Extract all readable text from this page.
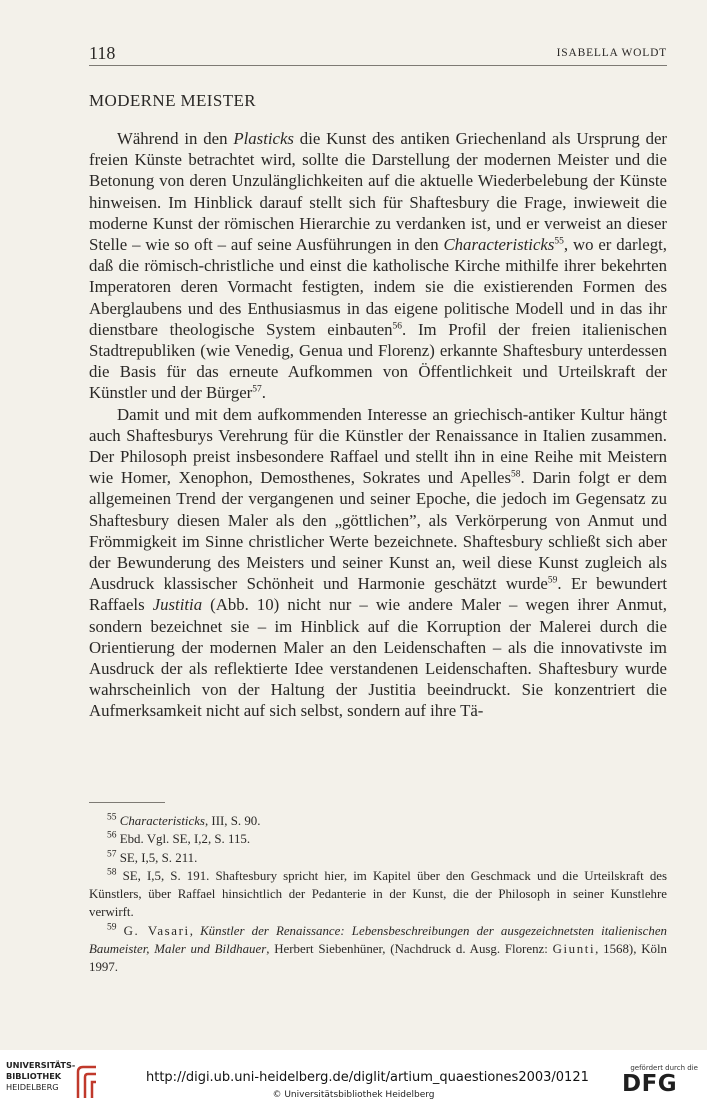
118	ISABELLA WOLDT
MODERNE MEISTER

Während in den Plasticks die Kunst des antiken Griechenland als Ursprung der freien Künste betrachtet wird, sollte die Darstellung der modernen Meister und die Betonung von deren Unzulänglichkeiten auf die aktuelle Wiederbelebung der Künste hinweisen. Im Hinblick darauf stellt sich für Shaftesbury die Frage, inwieweit die moderne Kunst der römischen Hierarchie zu verdanken ist, und er verweist an dieser Stelle – wie so oft – auf seine Ausführungen in den Characteristicks$^{55}$, wo er darlegt, daß die römisch-christliche und einst die katholische Kirche mithilfe ihrer bekehrten Imperatoren deren Vormacht festigten, indem sie die existierenden Formen des Aberglaubens und des Enthusiasmus in das eigene politische Modell und in das ihr dienstbare theologische System einbauten$^{56}$. Im Profil der freien italienischen Stadtrepubliken (wie Venedig, Genua und Florenz) erkannte Shaftesbury unterdessen die Basis für das erneute Aufkommen von Öffentlichkeit und Urteilskraft der Künstler und der Bürger$^{57}$.

Damit und mit dem aufkommenden Interesse an griechisch-antiker Kultur hängt auch Shaftesburys Verehrung für die Künstler der Renaissance in Italien zusammen. Der Philosoph preist insbesondere Raffael und stellt ihn in eine Reihe mit Meistern wie Homer, Xenophon, Demosthenes, Sokrates und Apelles$^{58}$. Darin folgt er dem allgemeinen Trend der vergangenen und seiner Epoche, die jedoch im Gegensatz zu Shaftesbury diesen Maler als den „göttlichen”, als Verkörperung von Anmut und Frömmigkeit im Sinne christlicher Werte bezeichnete. Shaftesbury schließt sich aber der Bewunderung des Meisters und seiner Kunst an, weil diese Kunst zugleich als Ausdruck klassischer Schönheit und Harmonie geschätzt wurde$^{59}$. Er bewundert Raffaels Justitia (Abb. 10) nicht nur – wie andere Maler – wegen ihrer Anmut, sondern bezeichnet sie – im Hinblick auf die Korruption der Malerei durch die Orientierung der modernen Maler an den Leidenschaften – als die innovativste im Ausdruck der als reflektierte Idee verstandenen Leidenschaften. Shaftesbury wurde wahrscheinlich von der Haltung der Justitia beeindruckt. Sie konzentriert die Aufmerksamkeit nicht auf sich selbst, sondern auf ihre Tä-

$^{55}$ Characteristicks, III, S. 90.

$^{56}$ Ebd. Vgl. SE, I,2, S. 115.

$^{57}$ SE, I,5, S. 211.

$^{58}$ SE, I,5, S. 191. Shaftesbury spricht hier, im Kapitel über den Geschmack und die Urteilskraft des Künstlers, über Raffael hinsichtlich der Pedanterie in der Kunst, die der Philosoph in seiner Kunstlehre verwirft.

$^{59}$ G. Vasari, Künstler der Renaissance: Lebensbeschreibungen der ausgezeichnetsten italienischen Baumeister, Maler und Bildhauer, Herbert Siebenhüner, (Nachdruck d. Ausg. Florenz: Giunti, 1568), Köln 1997.

UNIVERSITÄTS-
BIBLIOTHEK
HEIDELBERG
http://digi.ub.uni-heidelberg.de/diglit/artium_quaestiones2003/0121
© Universitätsbibliothek Heidelberg
gefördert durch die
DFG
